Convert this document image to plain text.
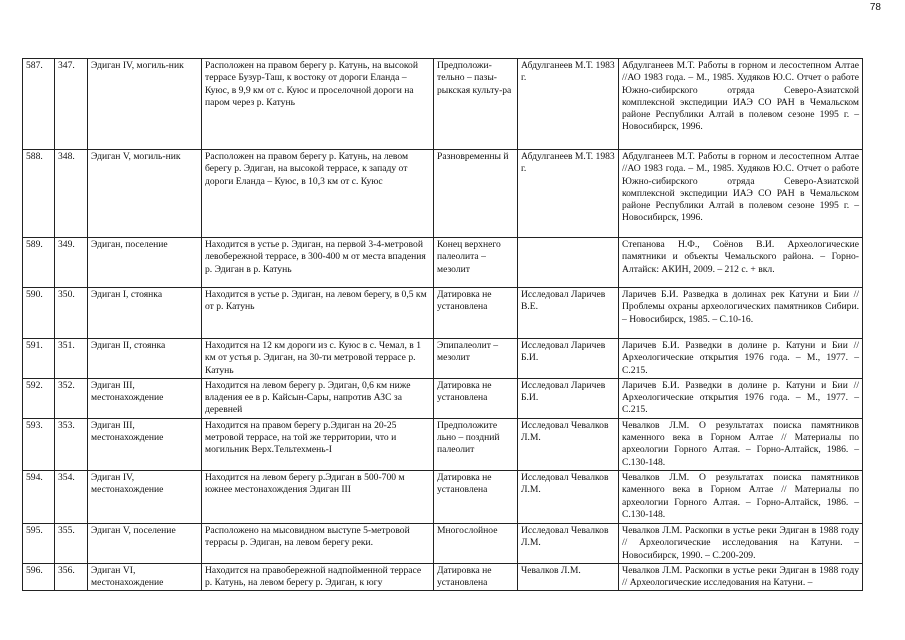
78
587.	347.	Эдиган IV, могиль-ник	Расположен на правом берегу р. Катунь, на высокой террасе Бузур-Таш, к востоку от дороги Еланда – Куюс, в 9,9 км от с. Куюс и проселочной дороги на паром через р. Катунь	Предположи-тельно – пазы-рыкская культу-ра	Абдулганеев М.Т. 1983 г.	Абдулганеев М.Т. Работы в горном и лесостепном Алтае //АО 1983 года. – М., 1985. Худяков Ю.С. Отчет о работе Южно-сибирского отряда Северо-Азиатской комплексной экспедиции ИАЭ СО РАН в Чемальском районе Республики Алтай в полевом сезоне 1995 г. – Новосибирск, 1996.
588.	348.	Эдиган V, могиль-ник	Расположен на правом берегу р. Катунь, на левом берегу р. Эдиган, на высокой террасе, к западу от дороги Еланда – Куюс, в 10,3 км от с. Куюс	Разновременны й	Абдулганеев М.Т. 1983 г.	Абдулганеев М.Т. Работы в горном и лесостепном Алтае //АО 1983 года. – М., 1985. Худяков Ю.С. Отчет о работе Южно-сибирского отряда Северо-Азиатской комплексной экспедиции ИАЭ СО РАН в Чемальском районе Республики Алтай в полевом сезоне 1995 г. – Новосибирск, 1996.
589.	349.	Эдиган, поселение	Находится в устье р. Эдиган, на первой 3-4-метровой левобережной террасе, в 300-400 м от места впадения р. Эдиган в р. Катунь	Конец верхнего палеолита – мезолит		Степанова Н.Ф., Соёнов В.И. Археологические памятники и объекты Чемальского района. – Горно-Алтайск: АКИН, 2009. – 212 с. + вкл.
590.	350.	Эдиган I, стоянка	Находится в устье р. Эдиган, на левом берегу, в 0,5 км от р. Катунь	Датировка не установлена	Исследовал Ларичев В.Е.	Ларичев Б.И. Разведка в долинах рек Катуни и Бии // Проблемы охраны археологических памятников Сибири. – Новосибирск, 1985. – С.10-16.
591.	351.	Эдиган II, стоянка	Находится на 12 км дороги из с. Куюс в с. Чемал, в 1 км от устья р. Эдиган, на 30-ти метровой террасе р. Катунь	Эпипалеолит – мезолит	Исследовал Ларичев Б.И.	Ларичев Б.И. Разведки в долине р. Катуни и Бии //Археологические открытия 1976 года. – М., 1977. – С.215.
592.	352.	Эдиган III, местонахождение	Находится на левом берегу р. Эдиган, 0,6 км ниже владения ее в р. Кайсын-Сары, напротив АЗС за деревней	Датировка не установлена	Исследовал Ларичев Б.И.	Ларичев Б.И. Разведки в долине р. Катуни и Бии //Археологические открытия 1976 года. – М., 1977. – С.215.
593.	353.	Эдиган III, местонахождение	Находится на правом берегу р.Эдиган на 20-25 метровой террасе, на той же территории, что и могильник Верх.Тельтехмень-I	Предположите льно – поздний палеолит	Исследовал Чевалков Л.М.	Чевалков Л.М. О результатах поиска памятников каменного века в Горном Алтае // Материалы по археологии Горного Алтая. – Горно-Алтайск, 1986. – С.130-148.
594.	354.	Эдиган IV, местонахождение	Находится на левом берегу р.Эдиган в 500-700 м южнее местонахождения Эдиган III	Датировка не установлена	Исследовал Чевалков Л.М.	Чевалков Л.М. О результатах поиска памятников каменного века в Горном Алтае // Материалы по археологии Горного Алтая. – Горно-Алтайск, 1986. – С.130-148.
595.	355.	Эдиган V, поселение	Расположено на мысовидном выступе 5-метровой террасы р. Эдиган, на левом берегу реки.	Многослойное	Исследовал Чевалков Л.М.	Чевалков Л.М. Раскопки в устье реки Эдиган в 1988 году // Археологические исследования на Катуни. – Новосибирск, 1990. – С.200-209.
596.	356.	Эдиган VI, местонахождение	Находится на правобережной надпойменной террасе р. Катунь, на левом берегу р. Эдиган, к югу	Датировка не установлена	Чевалков Л.М.	Чевалков Л.М. Раскопки в устье реки Эдиган в 1988 году // Археологические исследования на Катуни. –
